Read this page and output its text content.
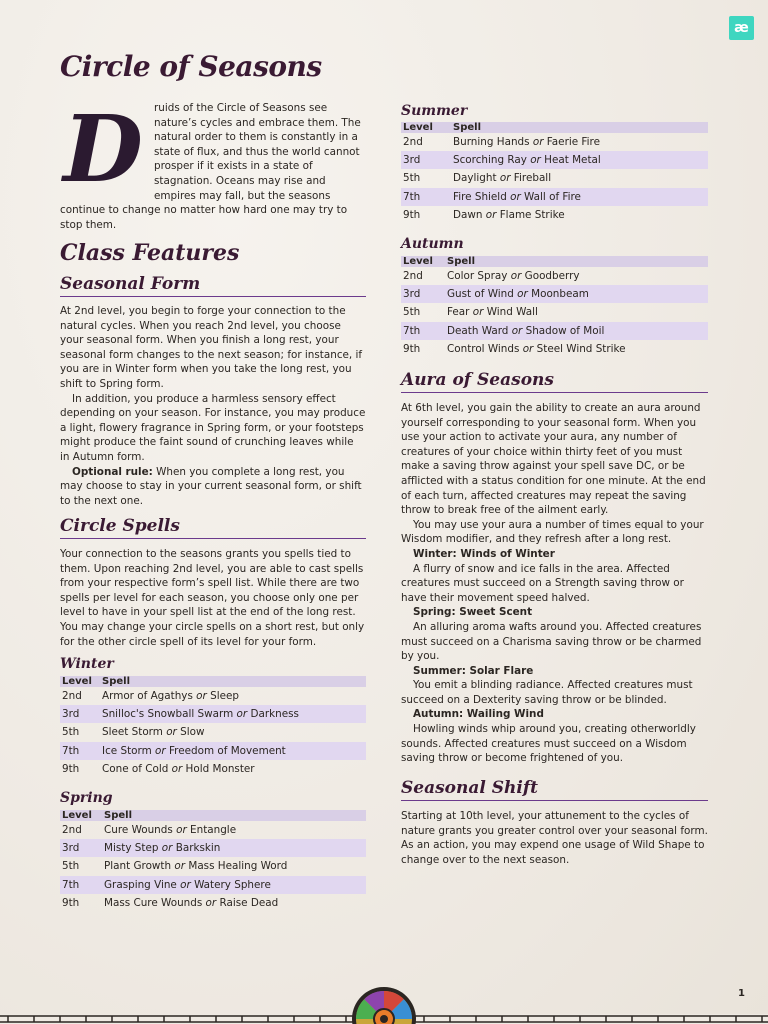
æ
Circle of Seasons
D ruids of the Circle of Seasons see nature’s cycles and embrace them. The natural order to them is constantly in a state of flux, and thus the world cannot prosper if it exists in a state of stagnation. Oceans may rise and empires may fall, but the seasons
continue to change no matter how hard one may try to stop them.
Class Features
Seasonal Form

At 2nd level, you begin to forge your connection to the natural cycles. When you reach 2nd level, you choose your seasonal form. When you finish a long rest, your seasonal form changes to the next season; for instance, if you are in Winter form when you take the long rest, you shift to Spring form.

In addition, you produce a harmless sensory effect depending on your season. For instance, you may produce a light, flowery fragrance in Spring form, or your footsteps might produce the faint sound of crunching leaves while in Autumn form.

Optional rule: When you complete a long rest, you may choose to stay in your current seasonal form, or shift to the next one.

Circle Spells
Your connection to the seasons grants you spells tied to them. Upon reaching 2nd level, you are able to cast spells from your respective form’s spell list. While there are two spells per level for each season, you choose only one per level to have in your spell list at the end of the long rest. You may change your circle spells on a short rest, but only for the other circle spell of its level for your form.
Winter
Level	Spell
2nd	Armor of Agathys or Sleep
3rd	Snilloc's Snowball Swarm or Darkness
5th	Sleet Storm or Slow
7th	Ice Storm or Freedom of Movement
9th	Cone of Cold or Hold Monster
Spring
Level	Spell
2nd	Cure Wounds or Entangle
3rd	Misty Step or Barkskin
5th	Plant Growth or Mass Healing Word
7th	Grasping Vine or Watery Sphere
9th	Mass Cure Wounds or Raise Dead
Summer
Level	Spell
2nd	Burning Hands or Faerie Fire
3rd	Scorching Ray or Heat Metal
5th	Daylight or Fireball
7th	Fire Shield or Wall of Fire
9th	Dawn or Flame Strike
Autumn
Level	Spell
2nd	Color Spray or Goodberry
3rd	Gust of Wind or Moonbeam
5th	Fear or Wind Wall
7th	Death Ward or Shadow of Moil
9th	Control Winds or Steel Wind Strike
Aura of Seasons

At 6th level, you gain the ability to create an aura around yourself corresponding to your seasonal form. When you use your action to activate your aura, any number of creatures of your choice within thirty feet of you must make a saving throw against your spell save DC, or be afflicted with a status condition for one minute. At the end of each turn, affected creatures may repeat the saving throw to break free of the ailment early.

You may use your aura a number of times equal to your Wisdom modifier, and they refresh after a long rest.

Winter: Winds of Winter

A flurry of snow and ice falls in the area. Affected creatures must succeed on a Strength saving throw or have their movement speed halved.

Spring: Sweet Scent

An alluring aroma wafts around you. Affected creatures must succeed on a Charisma saving throw or be charmed by you.

Summer: Solar Flare

You emit a blinding radiance. Affected creatures must succeed on a Dexterity saving throw or be blinded.

Autumn: Wailing Wind

Howling winds whip around you, creating otherworldly sounds. Affected creatures must succeed on a Wisdom saving throw or become frightened of you.

Seasonal Shift
Starting at 10th level, your attunement to the cycles of nature grants you greater control over your seasonal form. As an action, you may expend one usage of Wild Shape to change over to the next season.
1
